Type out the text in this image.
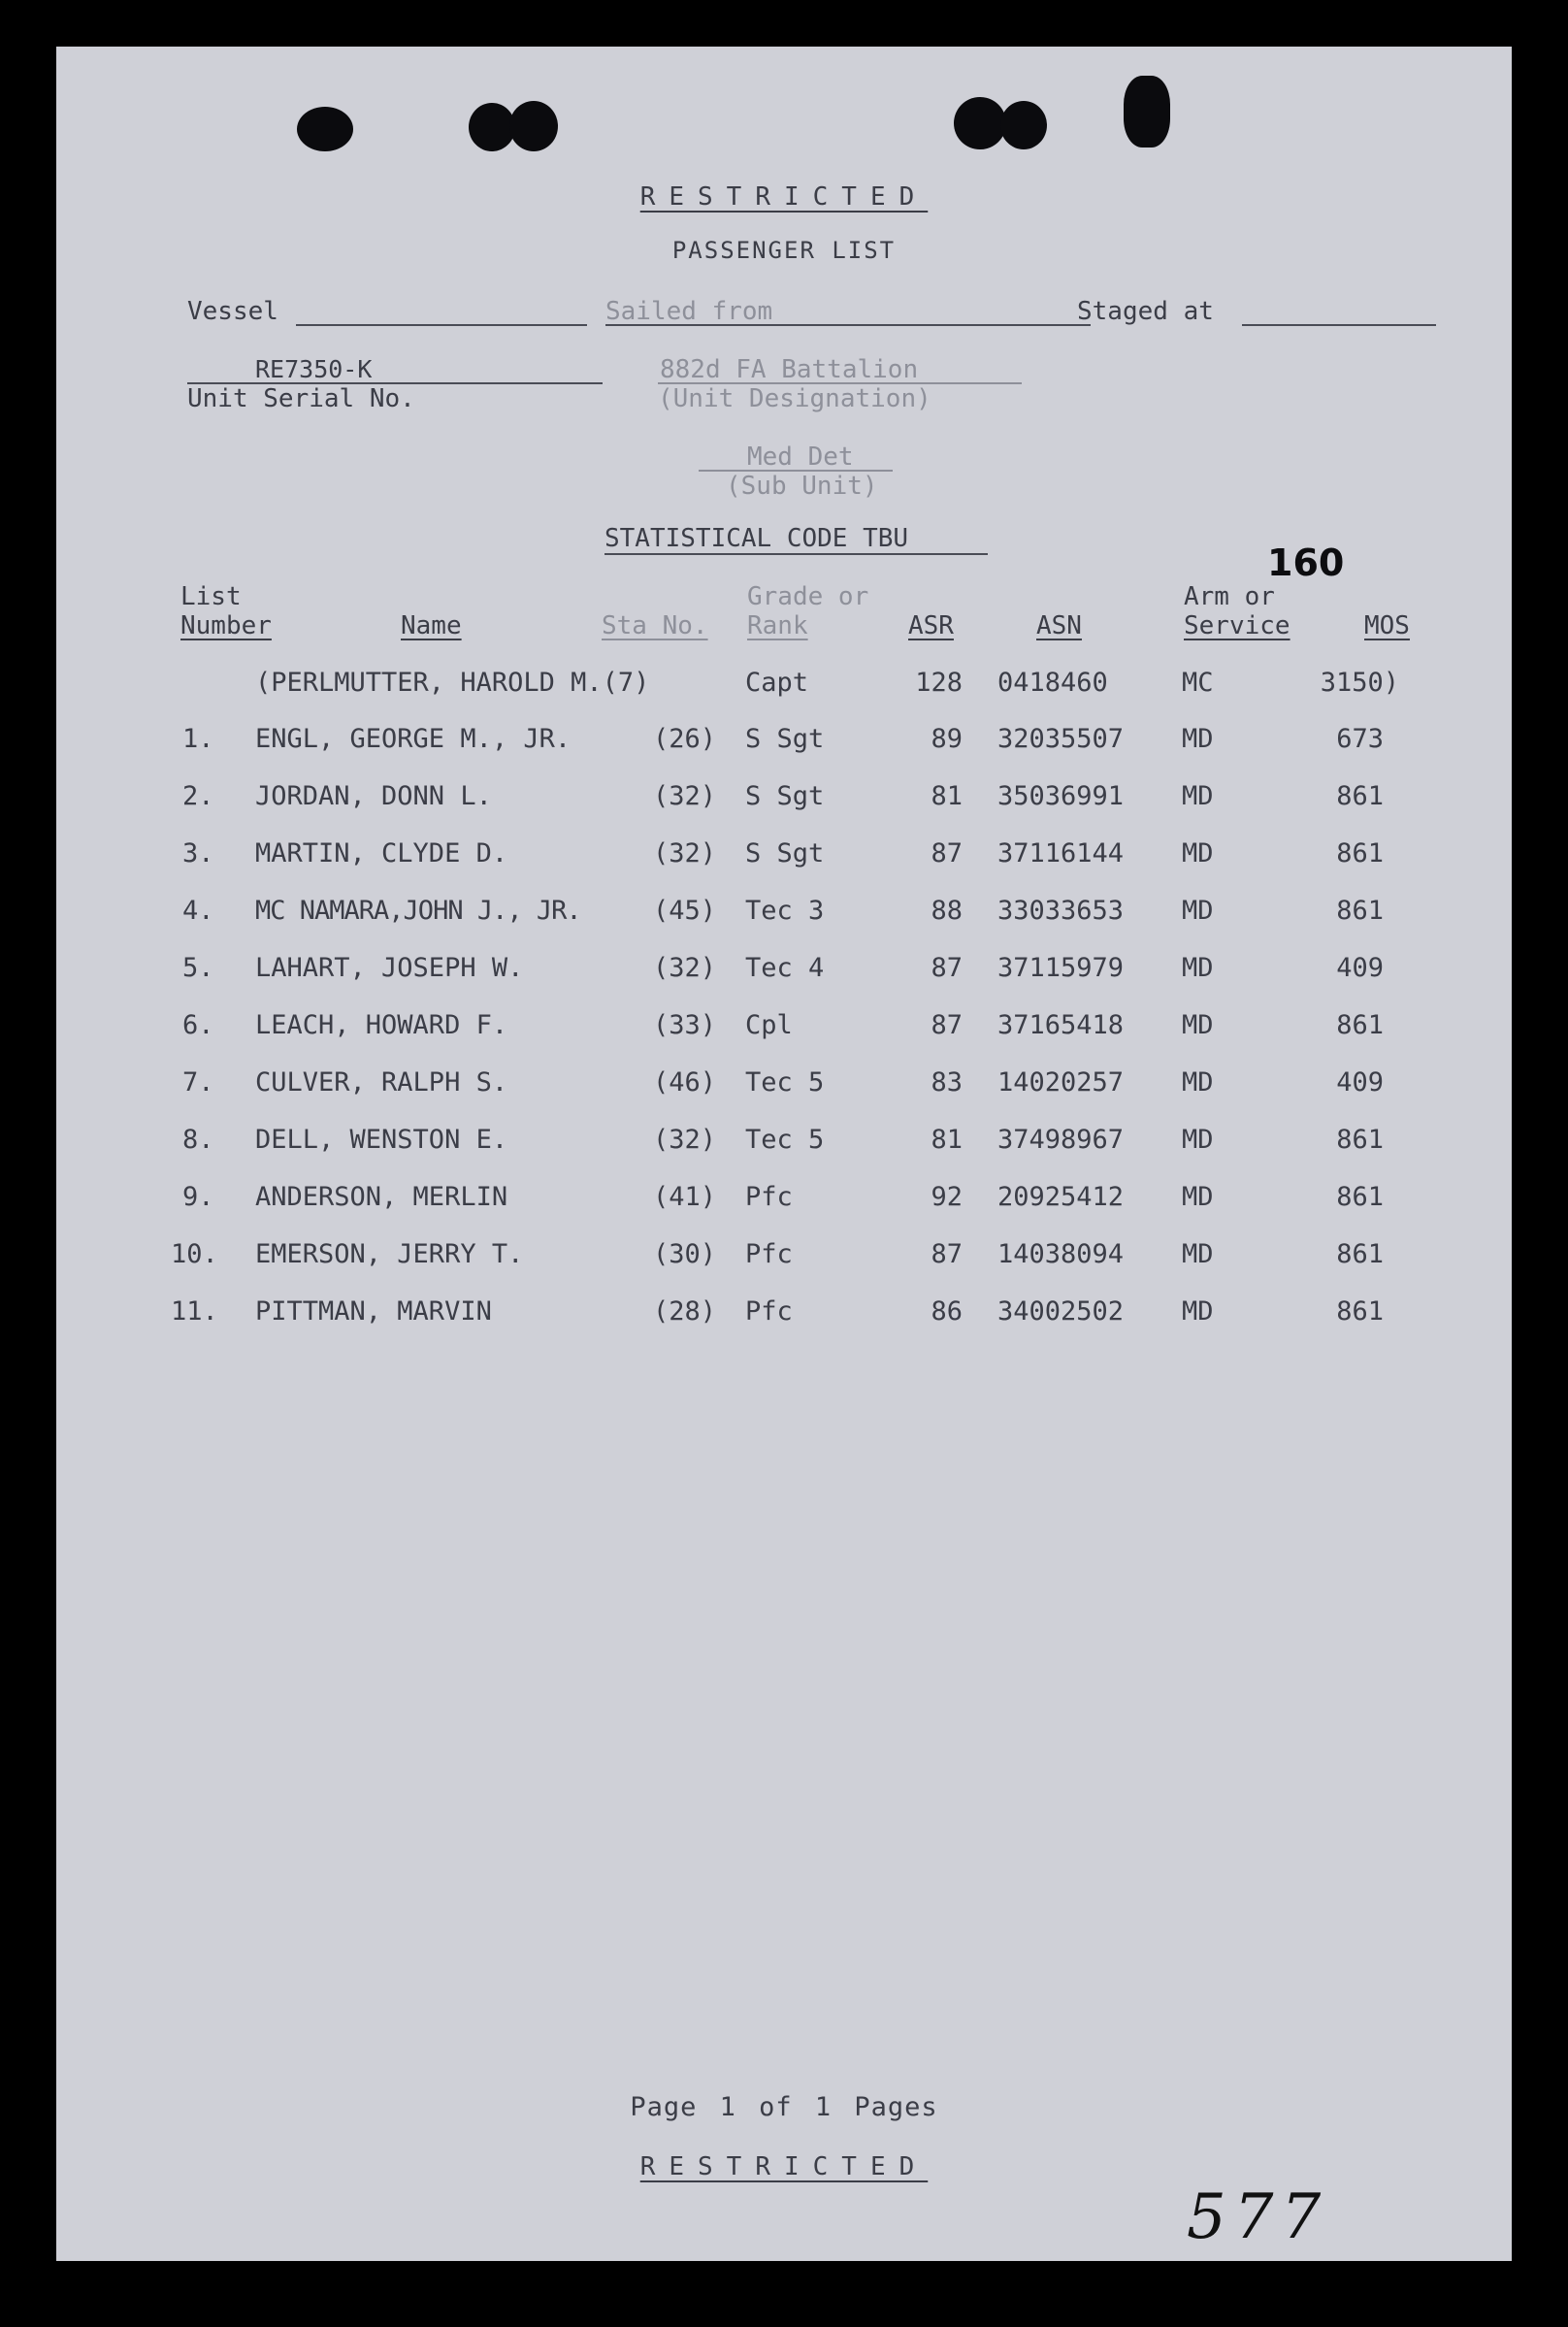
RESTRICTED
PASSENGER LIST
Vessel	Sailed from	Staged at
RE7350-K
Unit Serial No.
882d FA Battalion
(Unit Designation)
Med Det
(Sub Unit)
STATISTICAL CODE TBU
160
List
Number	Name	Sta No.
Grade or
Rank	ASR	ASN
Arm or
Service	MOS
(PERLMUTTER, HAROLD M.(7)	Capt	128 0418460	MC	3150)
1. ENGL, GEORGE M., JR.	(26) S Sgt	89 32035507 MD	673
2. JORDAN, DONN L.	(32) S Sgt	81 35036991 MD	861
3. MARTIN, CLYDE D.	(32) S Sgt	87 37116144 MD	861
4. MC NAMARA,JOHN J., JR.	(45) Tec 3	88 33033653 MD	861
5. LAHART, JOSEPH W.	(32) Tec 4	87 37115979 MD	409
6. LEACH, HOWARD F.	(33) Cpl	87 37165418 MD	861
7. CULVER, RALPH S.	(46) Tec 5	83 14020257 MD	409
8. DELL, WENSTON E.	(32) Tec 5	81 37498967 MD	861
9. ANDERSON, MERLIN	(41) Pfc	92 20925412 MD	861
10. EMERSON, JERRY T.	(30) Pfc	87 14038094 MD	861
11. PITTMAN, MARVIN	(28) Pfc	86 34002502 MD	861
Page 1 of 1 Pages
RESTRICTED
577
